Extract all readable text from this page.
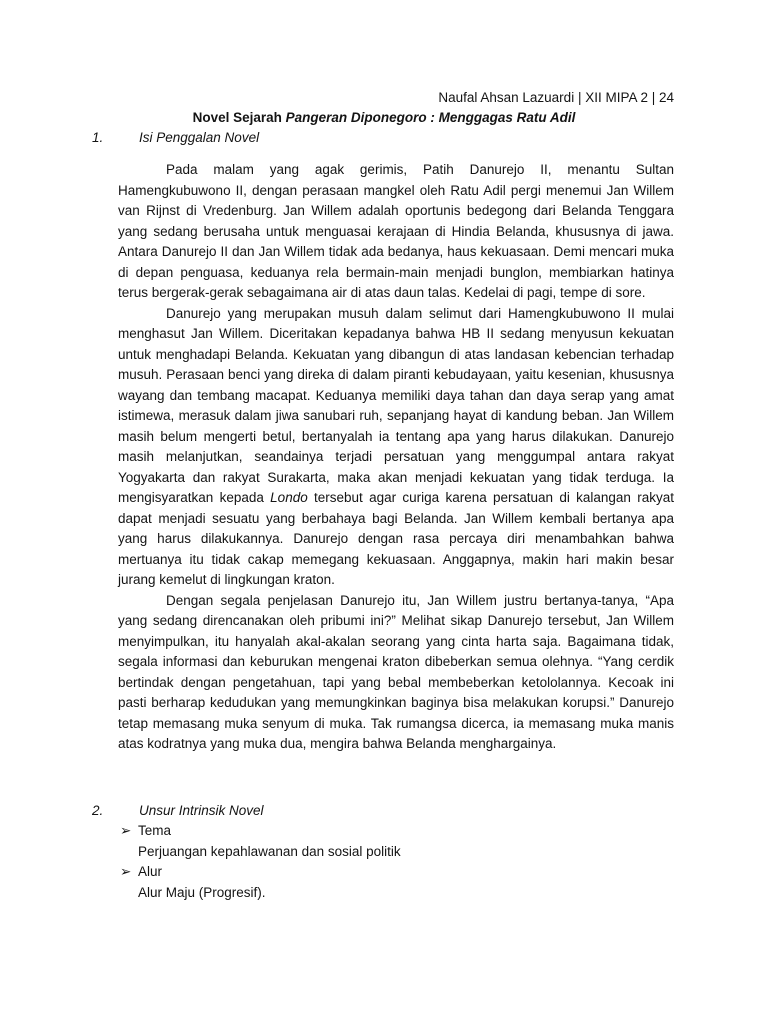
Naufal Ahsan Lazuardi | XII MIPA 2 | 24
Novel Sejarah Pangeran Diponegoro : Menggagas Ratu Adil
1.	Isi Penggalan Novel

Pada malam yang agak gerimis, Patih Danurejo II, menantu Sultan Hamengkubuwono II, dengan perasaan mangkel oleh Ratu Adil pergi menemui Jan Willem van Rijnst di Vredenburg. Jan Willem adalah oportunis bedegong dari Belanda Tenggara yang sedang berusaha untuk menguasai kerajaan di Hindia Belanda, khususnya di jawa. Antara Danurejo II dan Jan Willem tidak ada bedanya, haus kekuasaan. Demi mencari muka di depan penguasa, keduanya rela bermain-main menjadi bunglon, membiarkan hatinya terus bergerak-gerak sebagaimana air di atas daun talas. Kedelai di pagi, tempe di sore.

Danurejo yang merupakan musuh dalam selimut dari Hamengkubuwono II mulai menghasut Jan Willem. Diceritakan kepadanya bahwa HB II sedang menyusun kekuatan untuk menghadapi Belanda. Kekuatan yang dibangun di atas landasan kebencian terhadap musuh. Perasaan benci yang direka di dalam piranti kebudayaan, yaitu kesenian, khususnya wayang dan tembang macapat. Keduanya memiliki daya tahan dan daya serap yang amat istimewa, merasuk dalam jiwa sanubari ruh, sepanjang hayat di kandung beban. Jan Willem masih belum mengerti betul, bertanyalah ia tentang apa yang harus dilakukan. Danurejo masih melanjutkan, seandainya terjadi persatuan yang menggumpal antara rakyat Yogyakarta dan rakyat Surakarta, maka akan menjadi kekuatan yang tidak terduga. Ia mengisyaratkan kepada Londo tersebut agar curiga karena persatuan di kalangan rakyat dapat menjadi sesuatu yang berbahaya bagi Belanda. Jan Willem kembali bertanya apa yang harus dilakukannya. Danurejo dengan rasa percaya diri menambahkan bahwa mertuanya itu tidak cakap memegang kekuasaan. Anggapnya, makin hari makin besar jurang kemelut di lingkungan kraton.

Dengan segala penjelasan Danurejo itu, Jan Willem justru bertanya-tanya, “Apa yang sedang direncanakan oleh pribumi ini?” Melihat sikap Danurejo tersebut, Jan Willem menyimpulkan, itu hanyalah akal-akalan seorang yang cinta harta saja. Bagaimana tidak, segala informasi dan keburukan mengenai kraton dibeberkan semua olehnya. “Yang cerdik bertindak dengan pengetahuan, tapi yang bebal membeberkan ketololannya. Kecoak ini pasti berharap kedudukan yang memungkinkan baginya bisa melakukan korupsi.” Danurejo tetap memasang muka senyum di muka. Tak rumangsa dicerca, ia memasang muka manis atas kodratnya yang muka dua, mengira bahwa Belanda menghargainya.

2.	Unsur Intrinsik Novel
➢ Tema
Perjuangan kepahlawanan dan sosial politik
➢ Alur
Alur Maju (Progresif).
